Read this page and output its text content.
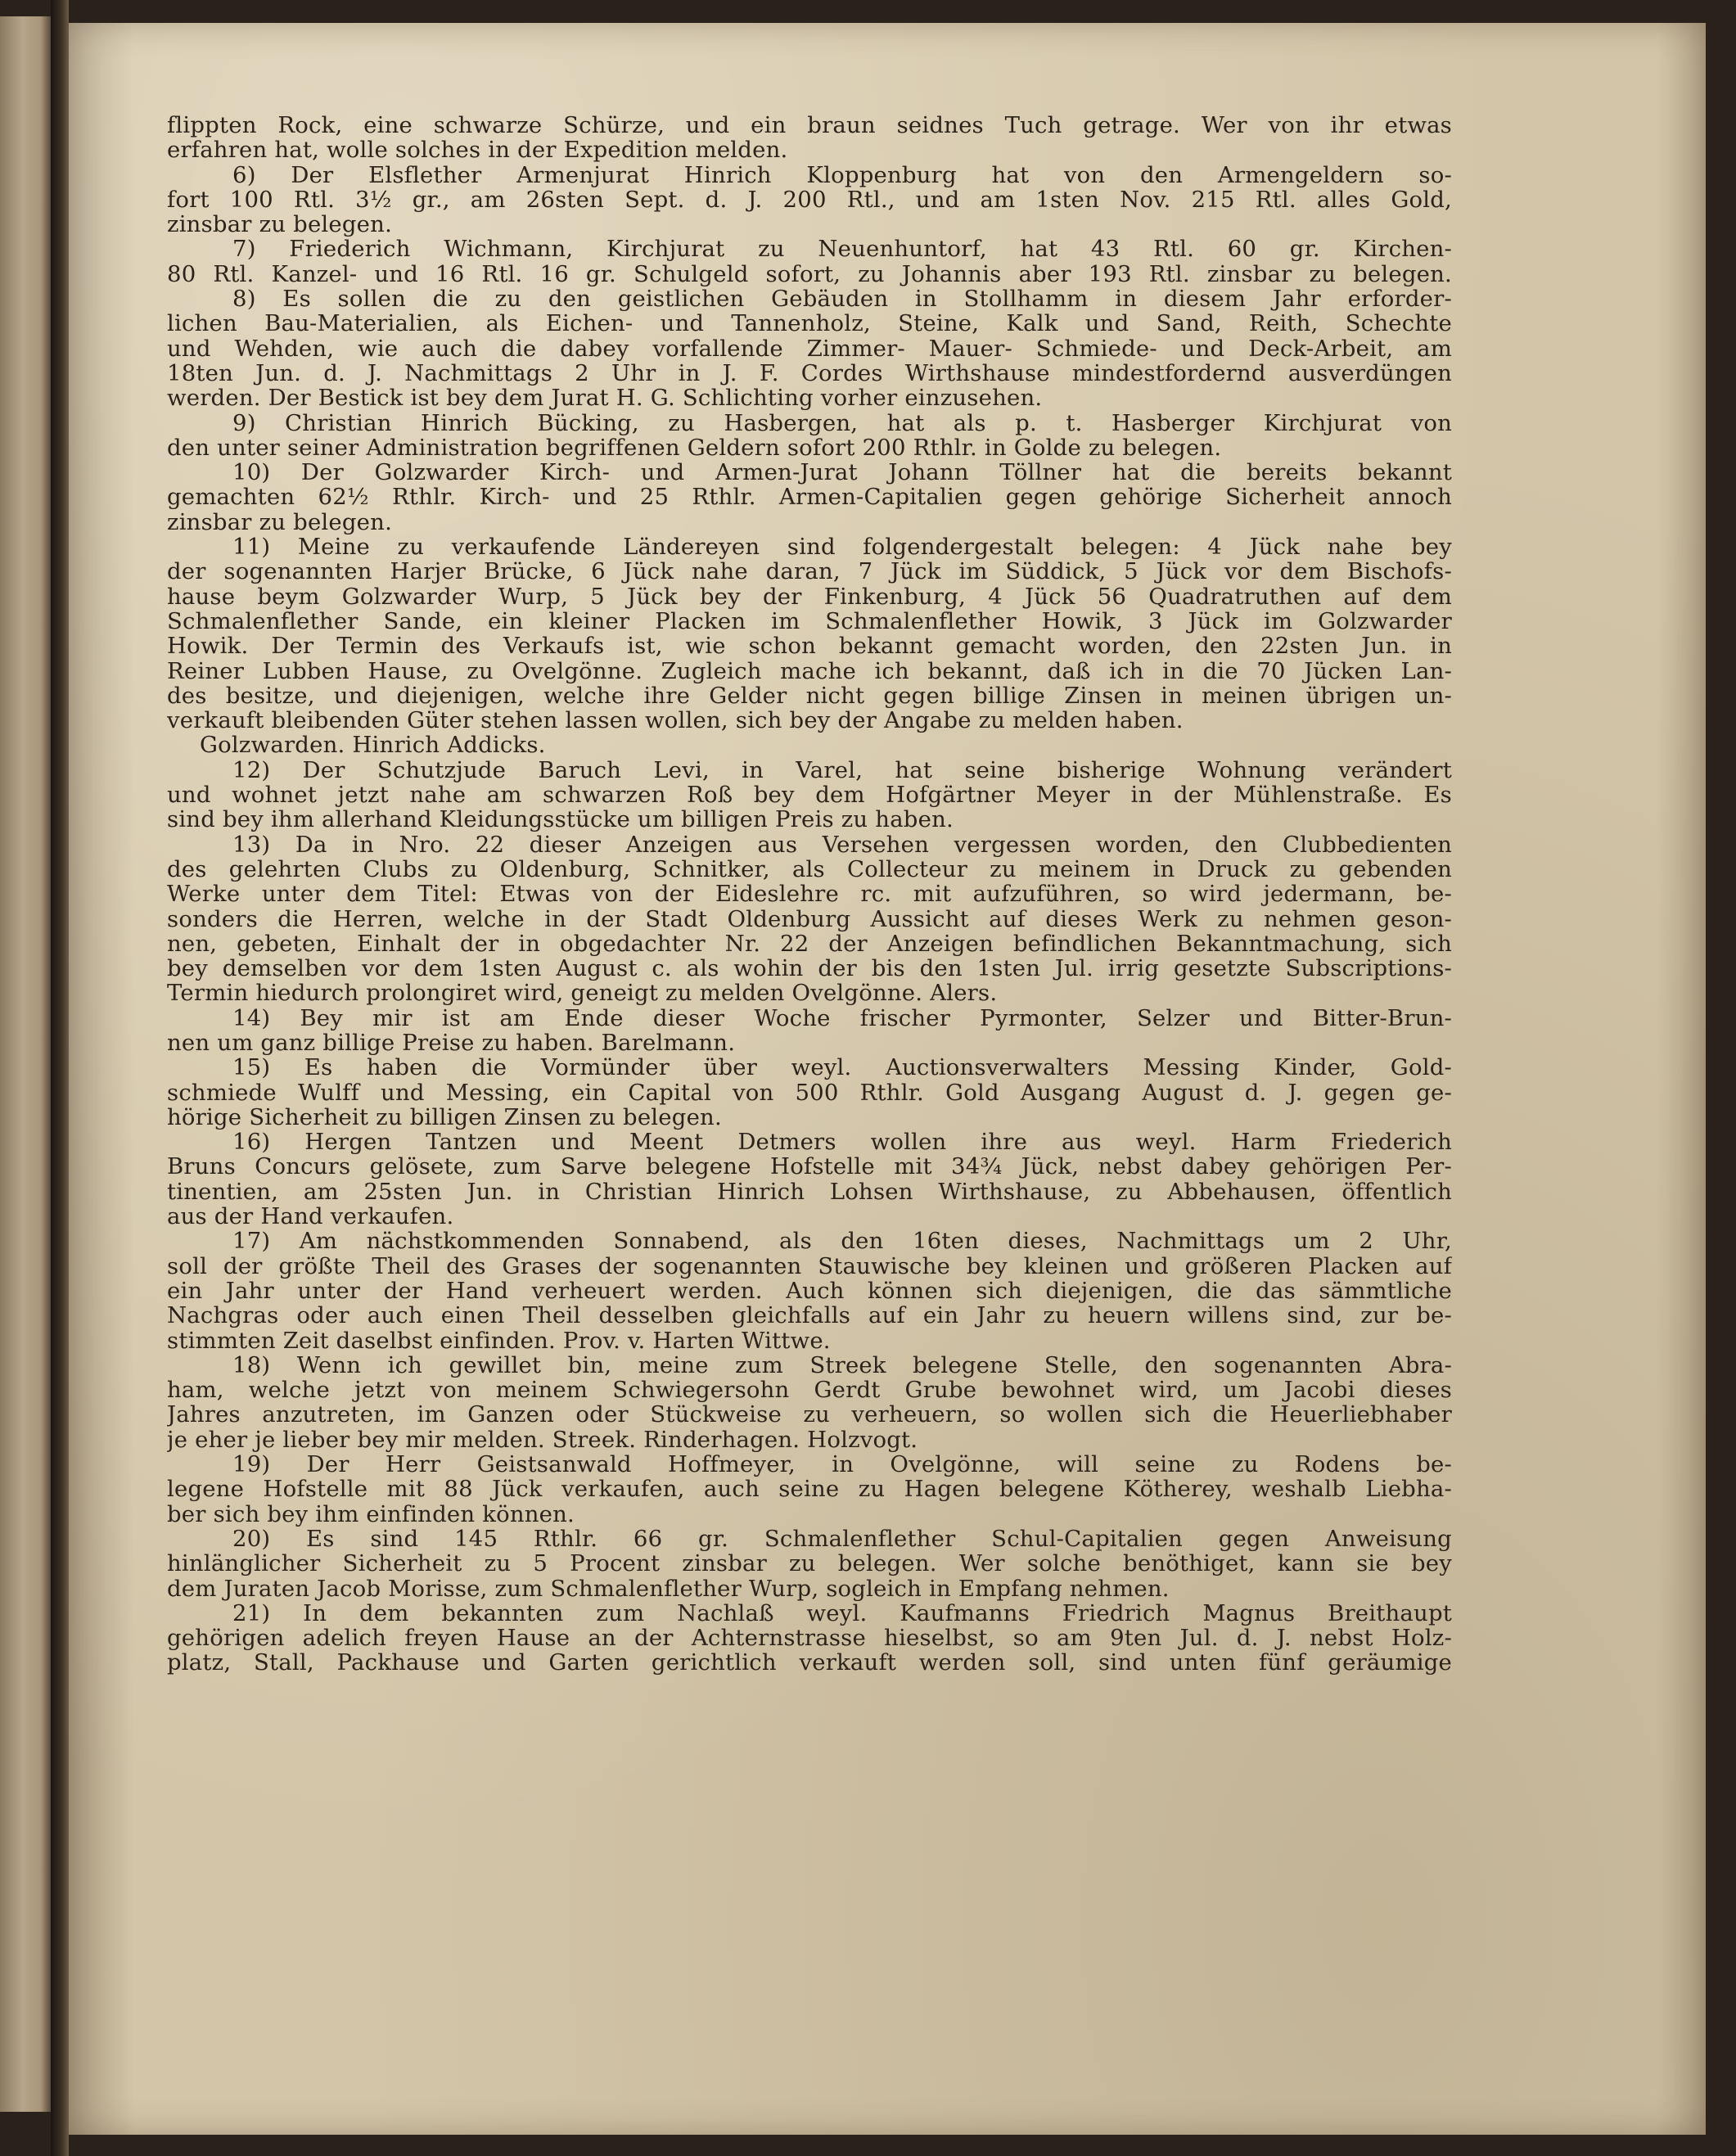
flippten Rock, eine schwarze Schürze, und ein braun seidnes Tuch getrage. Wer von ihr etwas
erfahren hat, wolle solches in der Expedition melden.
6) Der Elsflether Armenjurat Hinrich Kloppenburg hat von den Armengeldern so-
fort 100 Rtl. 3½ gr., am 26sten Sept. d. J. 200 Rtl., und am 1sten Nov. 215 Rtl. alles Gold,
zinsbar zu belegen.
7) Friederich Wichmann, Kirchjurat zu Neuenhuntorf, hat 43 Rtl. 60 gr. Kirchen-
80 Rtl. Kanzel- und 16 Rtl. 16 gr. Schulgeld sofort, zu Johannis aber 193 Rtl. zinsbar zu belegen.
8) Es sollen die zu den geistlichen Gebäuden in Stollhamm in diesem Jahr erforder-
lichen Bau-Materialien, als Eichen- und Tannenholz, Steine, Kalk und Sand, Reith, Schechte
und Wehden, wie auch die dabey vorfallende Zimmer- Mauer- Schmiede- und Deck-Arbeit, am
18ten Jun. d. J. Nachmittags 2 Uhr in J. F. Cordes Wirthshause mindestfordernd ausverdüngen
werden. Der Bestick ist bey dem Jurat H. G. Schlichting vorher einzusehen.
9) Christian Hinrich Bücking, zu Hasbergen, hat als p. t. Hasberger Kirchjurat von
den unter seiner Administration begriffenen Geldern sofort 200 Rthlr. in Golde zu belegen.
10) Der Golzwarder Kirch- und Armen-Jurat Johann Töllner hat die bereits bekannt
gemachten 62½ Rthlr. Kirch- und 25 Rthlr. Armen-Capitalien gegen gehörige Sicherheit annoch
zinsbar zu belegen.
11) Meine zu verkaufende Ländereyen sind folgendergestalt belegen: 4 Jück nahe bey
der sogenannten Harjer Brücke, 6 Jück nahe daran, 7 Jück im Süddick, 5 Jück vor dem Bischofs-
hause beym Golzwarder Wurp, 5 Jück bey der Finkenburg, 4 Jück 56 Quadratruthen auf dem
Schmalenflether Sande, ein kleiner Placken im Schmalenflether Howik, 3 Jück im Golzwarder
Howik. Der Termin des Verkaufs ist, wie schon bekannt gemacht worden, den 22sten Jun. in
Reiner Lubben Hause, zu Ovelgönne. Zugleich mache ich bekannt, daß ich in die 70 Jücken Lan-
des besitze, und diejenigen, welche ihre Gelder nicht gegen billige Zinsen in meinen übrigen un-
verkauft bleibenden Güter stehen lassen wollen, sich bey der Angabe zu melden haben.
Golzwarden. Hinrich Addicks.
12) Der Schutzjude Baruch Levi, in Varel, hat seine bisherige Wohnung verändert
und wohnet jetzt nahe am schwarzen Roß bey dem Hofgärtner Meyer in der Mühlenstraße. Es
sind bey ihm allerhand Kleidungsstücke um billigen Preis zu haben.
13) Da in Nro. 22 dieser Anzeigen aus Versehen vergessen worden, den Clubbedienten
des gelehrten Clubs zu Oldenburg, Schnitker, als Collecteur zu meinem in Druck zu gebenden
Werke unter dem Titel: Etwas von der Eideslehre rc. mit aufzuführen, so wird jedermann, be-
sonders die Herren, welche in der Stadt Oldenburg Aussicht auf dieses Werk zu nehmen geson-
nen, gebeten, Einhalt der in obgedachter Nr. 22 der Anzeigen befindlichen Bekanntmachung, sich
bey demselben vor dem 1sten August c. als wohin der bis den 1sten Jul. irrig gesetzte Subscriptions-
Termin hiedurch prolongiret wird, geneigt zu melden Ovelgönne. Alers.
14) Bey mir ist am Ende dieser Woche frischer Pyrmonter, Selzer und Bitter-Brun-
nen um ganz billige Preise zu haben. Barelmann.
15) Es haben die Vormünder über weyl. Auctionsverwalters Messing Kinder, Gold-
schmiede Wulff und Messing, ein Capital von 500 Rthlr. Gold Ausgang August d. J. gegen ge-
hörige Sicherheit zu billigen Zinsen zu belegen.
16) Hergen Tantzen und Meent Detmers wollen ihre aus weyl. Harm Friederich
Bruns Concurs gelösete, zum Sarve belegene Hofstelle mit 34¾ Jück, nebst dabey gehörigen Per-
tinentien, am 25sten Jun. in Christian Hinrich Lohsen Wirthshause, zu Abbehausen, öffentlich
aus der Hand verkaufen.
17) Am nächstkommenden Sonnabend, als den 16ten dieses, Nachmittags um 2 Uhr,
soll der größte Theil des Grases der sogenannten Stauwische bey kleinen und größeren Placken auf
ein Jahr unter der Hand verheuert werden. Auch können sich diejenigen, die das sämmtliche
Nachgras oder auch einen Theil desselben gleichfalls auf ein Jahr zu heuern willens sind, zur be-
stimmten Zeit daselbst einfinden. Prov. v. Harten Wittwe.
18) Wenn ich gewillet bin, meine zum Streek belegene Stelle, den sogenannten Abra-
ham, welche jetzt von meinem Schwiegersohn Gerdt Grube bewohnet wird, um Jacobi dieses
Jahres anzutreten, im Ganzen oder Stückweise zu verheuern, so wollen sich die Heuerliebhaber
je eher je lieber bey mir melden. Streek. Rinderhagen. Holzvogt.
19) Der Herr Geistsanwald Hoffmeyer, in Ovelgönne, will seine zu Rodens be-
legene Hofstelle mit 88 Jück verkaufen, auch seine zu Hagen belegene Kötherey, weshalb Liebha-
ber sich bey ihm einfinden können.
20) Es sind 145 Rthlr. 66 gr. Schmalenflether Schul-Capitalien gegen Anweisung
hinlänglicher Sicherheit zu 5 Procent zinsbar zu belegen. Wer solche benöthiget, kann sie bey
dem Juraten Jacob Morisse, zum Schmalenflether Wurp, sogleich in Empfang nehmen.
21) In dem bekannten zum Nachlaß weyl. Kaufmanns Friedrich Magnus Breithaupt
gehörigen adelich freyen Hause an der Achternstrasse hieselbst, so am 9ten Jul. d. J. nebst Holz-
platz, Stall, Packhause und Garten gerichtlich verkauft werden soll, sind unten fünf geräumige
